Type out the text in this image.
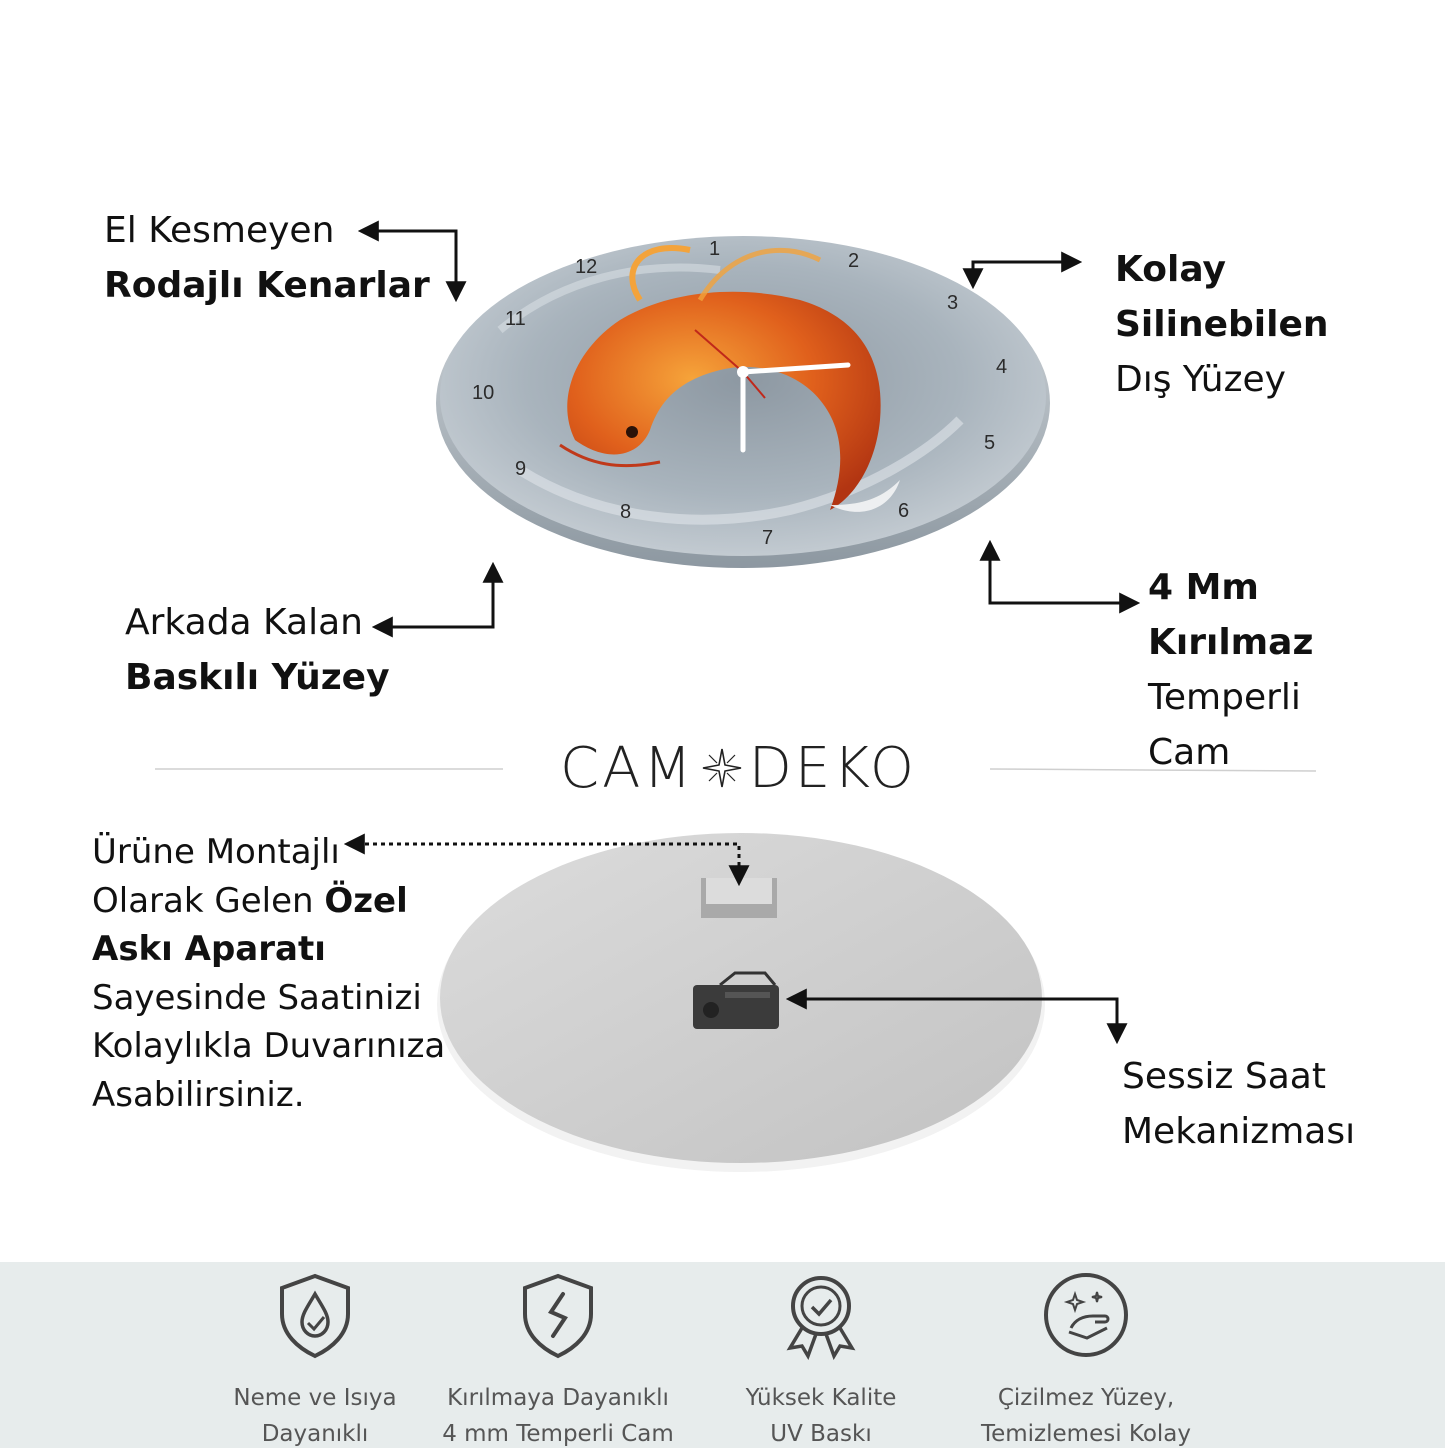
1
2
3
4
5
6
7
8
9
10
11
12
El Kesmeyen
Rodajlı Kenarlar	Kolay
Silinebilen
Dış Yüzey
Arkada Kalan
Baskılı Yüzey
4 Mm
Kırılmaz
Temperli
Cam
CAM DEKO
Ürüne Montajlı
Olarak Gelen Özel
Askı Aparatı
Sayesinde Saatinizi
Kolaylıkla Duvarınıza
Asabilirsiniz.	Sessiz Saat
Mekanizması
Neme ve Isıya
Dayanıklı
Kırılmaya Dayanıklı
4 mm Temperli Cam
Yüksek Kalite
UV Baskı
Çizilmez Yüzey,
Temizlemesi Kolay
